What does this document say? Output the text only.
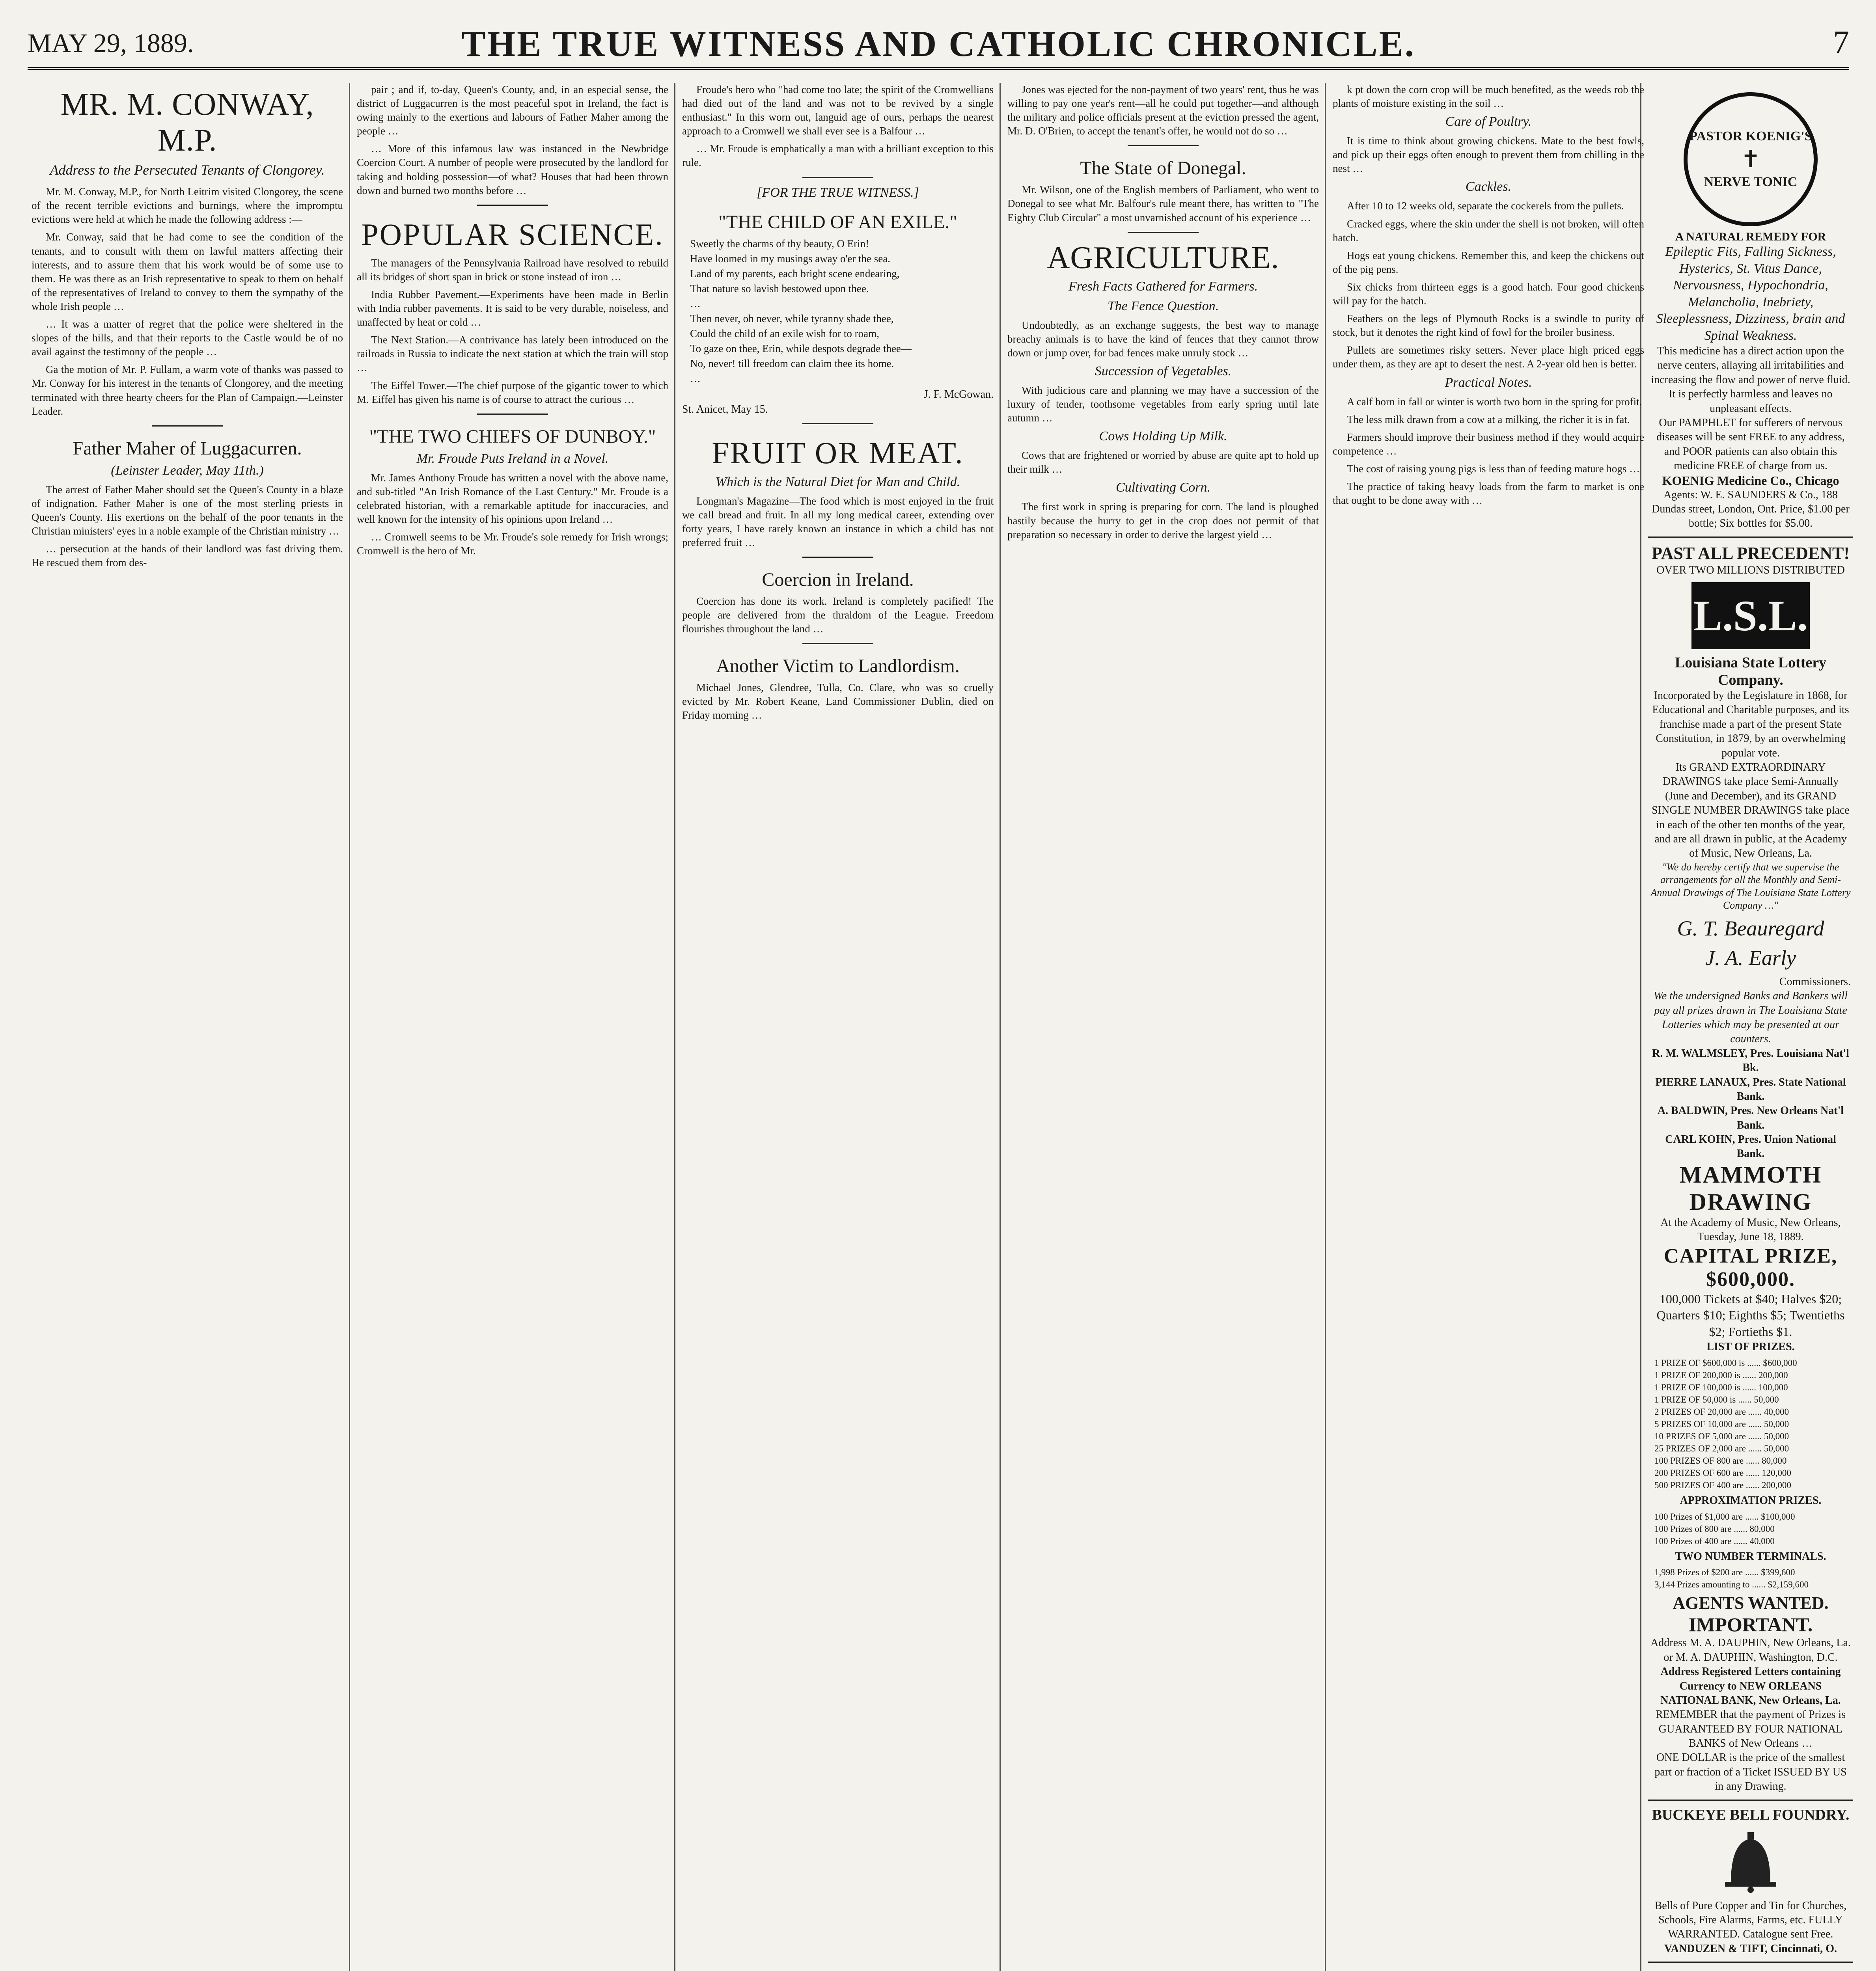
MAY 29, 1889.	THE TRUE WITNESS AND CATHOLIC CHRONICLE.	7
MR. M. CONWAY, M.P.
Address to the Persecuted Tenants of Clongorey.

Mr. M. Conway, M.P., for North Leitrim visited Clongorey, the scene of the recent terrible evictions and burnings, where the impromptu evictions were held at which he made the following address :—

Mr. Conway, said that he had come to see the condition of the tenants, and to consult with them on lawful matters affecting their interests, and to assure them that his work would be of some use to them. He was there as an Irish representative to speak to them on behalf of the representatives of Ireland to convey to them the sympathy of the whole Irish people …

… It was a matter of regret that the police were sheltered in the slopes of the hills, and that their reports to the Castle would be of no avail against the testimony of the people …

Ga the motion of Mr. P. Fullam, a warm vote of thanks was passed to Mr. Conway for his interest in the tenants of Clongorey, and the meeting terminated with three hearty cheers for the Plan of Campaign.—Leinster Leader.

Father Maher of Luggacurren.
(Leinster Leader, May 11th.)

The arrest of Father Maher should set the Queen's County in a blaze of indignation. Father Maher is one of the most sterling priests in Queen's County. His exertions on the behalf of the poor tenants in the Christian ministers' eyes in a noble example of the Christian ministry …

… persecution at the hands of their landlord was fast driving them. He rescued them from des-

pair ; and if, to-day, Queen's County, and, in an especial sense, the district of Luggacurren is the most peaceful spot in Ireland, the fact is owing mainly to the exertions and labours of Father Maher among the people …

… More of this infamous law was instanced in the Newbridge Coercion Court. A number of people were prosecuted by the landlord for taking and holding possession—of what? Houses that had been thrown down and burned two months before …

POPULAR SCIENCE.

The managers of the Pennsylvania Railroad have resolved to rebuild all its bridges of short span in brick or stone instead of iron …

India Rubber Pavement.—Experiments have been made in Berlin with India rubber pavements. It is said to be very durable, noiseless, and unaffected by heat or cold …

The Next Station.—A contrivance has lately been introduced on the railroads in Russia to indicate the next station at which the train will stop …

The Eiffel Tower.—The chief purpose of the gigantic tower to which M. Eiffel has given his name is of course to attract the curious …

"THE TWO CHIEFS OF DUNBOY."
Mr. Froude Puts Ireland in a Novel.

Mr. James Anthony Froude has written a novel with the above name, and sub-titled "An Irish Romance of the Last Century." Mr. Froude is a celebrated historian, with a remarkable aptitude for inaccuracies, and well known for the intensity of his opinions upon Ireland …

… Cromwell seems to be Mr. Froude's sole remedy for Irish wrongs; Cromwell is the hero of Mr.

Froude's hero who "had come too late; the spirit of the Cromwellians had died out of the land and was not to be revived by a single enthusiast." In this worn out, languid age of ours, perhaps the nearest approach to a Cromwell we shall ever see is a Balfour …

… Mr. Froude is emphatically a man with a brilliant exception to this rule.

[FOR THE TRUE WITNESS.]
"THE CHILD OF AN EXILE."

Sweetly the charms of thy beauty, O Erin!

Have loomed in my musings away o'er the sea.

Land of my parents, each bright scene endearing,

That nature so lavish bestowed upon thee.

…

Then never, oh never, while tyranny shade thee,

Could the child of an exile wish for to roam,

To gaze on thee, Erin, while despots degrade thee—

No, never! till freedom can claim thee its home.

…

J. F. McGowan.
St. Anicet, May 15.
FRUIT OR MEAT.
Which is the Natural Diet for Man and Child.

Longman's Magazine—The food which is most enjoyed in the fruit we call bread and fruit. In all my long medical career, extending over forty years, I have rarely known an instance in which a child has not preferred fruit …

Coercion in Ireland.

Coercion has done its work. Ireland is completely pacified! The people are delivered from the thraldom of the League. Freedom flourishes throughout the land …

Another Victim to Landlordism.

Michael Jones, Glendree, Tulla, Co. Clare, who was so cruelly evicted by Mr. Robert Keane, Land Commissioner Dublin, died on Friday morning …

Jones was ejected for the non-payment of two years' rent, thus he was willing to pay one year's rent—all he could put together—and although the military and police officials present at the eviction pressed the agent, Mr. D. O'Brien, to accept the tenant's offer, he would not do so …

The State of Donegal.

Mr. Wilson, one of the English members of Parliament, who went to Donegal to see what Mr. Balfour's rule meant there, has written to "The Eighty Club Circular" a most unvarnished account of his experience …

AGRICULTURE.
Fresh Facts Gathered for Farmers.
The Fence Question.

Undoubtedly, as an exchange suggests, the best way to manage breachy animals is to have the kind of fences that they cannot throw down or jump over, for bad fences make unruly stock …

Succession of Vegetables.

With judicious care and planning we may have a succession of the luxury of tender, toothsome vegetables from early spring until late autumn …

Cows Holding Up Milk.

Cows that are frightened or worried by abuse are quite apt to hold up their milk …

Cultivating Corn.

The first work in spring is preparing for corn. The land is ploughed hastily because the hurry to get in the crop does not permit of that preparation so necessary in order to derive the largest yield …

k pt down the corn crop will be much benefited, as the weeds rob the plants of moisture existing in the soil …

Care of Poultry.

It is time to think about growing chickens. Mate to the best fowls, and pick up their eggs often enough to prevent them from chilling in the nest …

Cackles.

After 10 to 12 weeks old, separate the cockerels from the pullets.

Cracked eggs, where the skin under the shell is not broken, will often hatch.

Hogs eat young chickens. Remember this, and keep the chickens out of the pig pens.

Six chicks from thirteen eggs is a good hatch. Four good chickens will pay for the hatch.

Feathers on the legs of Plymouth Rocks is a swindle to purity of stock, but it denotes the right kind of fowl for the broiler business.

Pullets are sometimes risky setters. Never place high priced eggs under them, as they are apt to desert the nest. A 2-year old hen is better.

Practical Notes.

A calf born in fall or winter is worth two born in the spring for profit.

The less milk drawn from a cow at a milking, the richer it is in fat.

Farmers should improve their business method if they would acquire competence …

The cost of raising young pigs is less than of feeding mature hogs …

The practice of taking heavy loads from the farm to market is one that ought to be done away with …

PASTOR KOENIG'S
✝
NERVE TONIC
A NATURAL REMEDY FOR
Epileptic Fits, Falling Sickness, Hysterics, St. Vitus Dance, Nervousness, Hypochondria, Melancholia, Inebriety, Sleeplessness, Dizziness, brain and Spinal Weakness.
This medicine has a direct action upon the nerve centers, allaying all irritabilities and increasing the flow and power of nerve fluid. It is perfectly harmless and leaves no unpleasant effects.
Our PAMPHLET for sufferers of nervous diseases will be sent FREE to any address, and POOR patients can also obtain this medicine FREE of charge from us.
KOENIG Medicine Co., Chicago
Agents: W. E. SAUNDERS & Co., 188 Dundas street, London, Ont. Price, $1.00 per bottle; Six bottles for $5.00.
PAST ALL PRECEDENT!
OVER TWO MILLIONS DISTRIBUTED
L.S.L.
Louisiana State Lottery Company.
Incorporated by the Legislature in 1868, for Educational and Charitable purposes, and its franchise made a part of the present State Constitution, in 1879, by an overwhelming popular vote.
Its GRAND EXTRAORDINARY DRAWINGS take place Semi-Annually (June and December), and its GRAND SINGLE NUMBER DRAWINGS take place in each of the other ten months of the year, and are all drawn in public, at the Academy of Music, New Orleans, La.
"We do hereby certify that we supervise the arrangements for all the Monthly and Semi-Annual Drawings of The Louisiana State Lottery Company …"
G. T. Beauregard
J. A. Early
Commissioners.
We the undersigned Banks and Bankers will pay all prizes drawn in The Louisiana State Lotteries which may be presented at our counters.
R. M. WALMSLEY, Pres. Louisiana Nat'l Bk.
PIERRE LANAUX, Pres. State National Bank.
A. BALDWIN, Pres. New Orleans Nat'l Bank.
CARL KOHN, Pres. Union National Bank.
MAMMOTH DRAWING
At the Academy of Music, New Orleans, Tuesday, June 18, 1889.
CAPITAL PRIZE, $600,000.
100,000 Tickets at $40; Halves $20; Quarters $10; Eighths $5; Twentieths $2; Fortieths $1.
LIST OF PRIZES.
1 PRIZE OF $600,000 is ...... $600,000
1 PRIZE OF 200,000 is ...... 200,000
1 PRIZE OF 100,000 is ...... 100,000
1 PRIZE OF 50,000 is ...... 50,000
2 PRIZES OF 20,000 are ...... 40,000
5 PRIZES OF 10,000 are ...... 50,000
10 PRIZES OF 5,000 are ...... 50,000
25 PRIZES OF 2,000 are ...... 50,000
100 PRIZES OF 800 are ...... 80,000
200 PRIZES OF 600 are ...... 120,000
500 PRIZES OF 400 are ...... 200,000
APPROXIMATION PRIZES.
100 Prizes of $1,000 are ...... $100,000
100 Prizes of 800 are ...... 80,000
100 Prizes of 400 are ...... 40,000
TWO NUMBER TERMINALS.
1,998 Prizes of $200 are ...... $399,600
3,144 Prizes amounting to ...... $2,159,600
AGENTS WANTED.
IMPORTANT.
Address M. A. DAUPHIN, New Orleans, La.
or M. A. DAUPHIN, Washington, D.C.
Address Registered Letters containing Currency to NEW ORLEANS NATIONAL BANK, New Orleans, La.
REMEMBER that the payment of Prizes is GUARANTEED BY FOUR NATIONAL BANKS of New Orleans …
ONE DOLLAR is the price of the smallest part or fraction of a Ticket ISSUED BY US in any Drawing.
BUCKEYE BELL FOUNDRY.
Bells of Pure Copper and Tin for Churches, Schools, Fire Alarms, Farms, etc. FULLY WARRANTED. Catalogue sent Free.
VANDUZEN & TIFT, Cincinnati, O.
